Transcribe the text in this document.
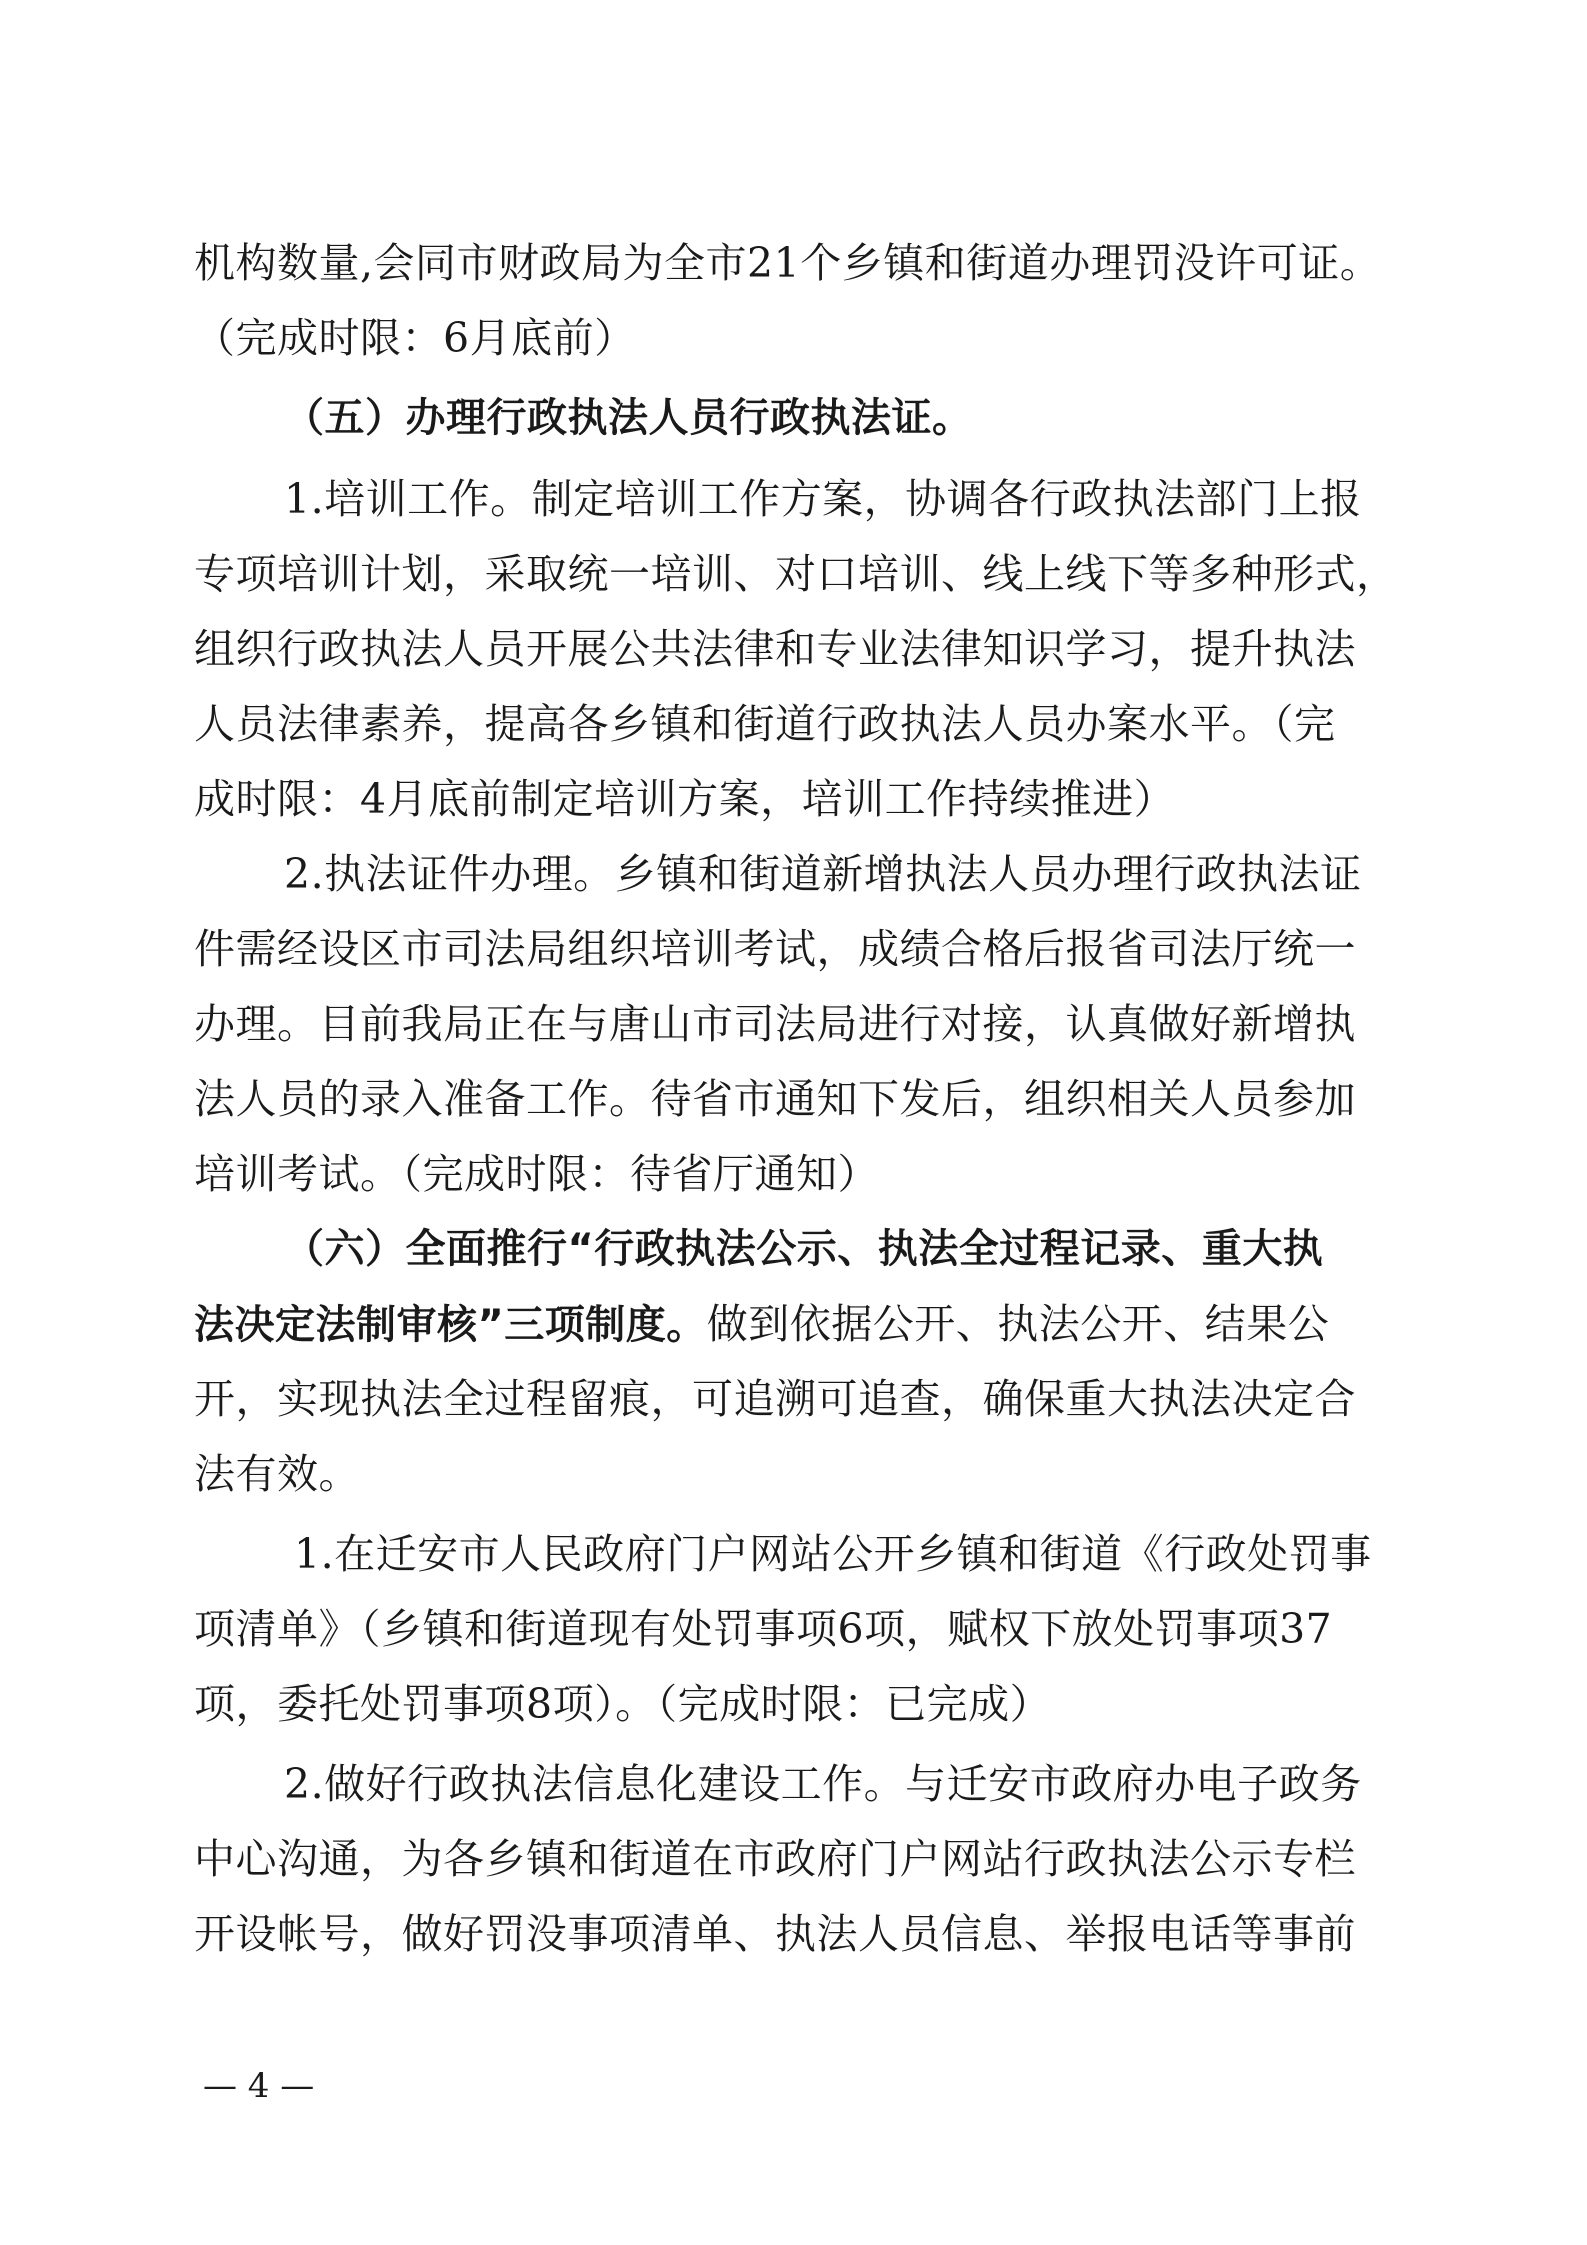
机构数量,会同市财政局为全市21个乡镇和街道办理罚没许可证。
（完成时限：6月底前）
（五）办理行政执法人员行政执法证。
1.培训工作。制定培训工作方案，协调各行政执法部门上报
专项培训计划，采取统一培训、对口培训、线上线下等多种形式，
组织行政执法人员开展公共法律和专业法律知识学习，提升执法
人员法律素养，提高各乡镇和街道行政执法人员办案水平。（完
成时限：4月底前制定培训方案，培训工作持续推进）
2.执法证件办理。乡镇和街道新增执法人员办理行政执法证
件需经设区市司法局组织培训考试，成绩合格后报省司法厅统一
办理。目前我局正在与唐山市司法局进行对接，认真做好新增执
法人员的录入准备工作。待省市通知下发后，组织相关人员参加
培训考试。（完成时限：待省厅通知）
（六）全面推行“行政执法公示、执法全过程记录、重大执
法决定法制审核”三项制度。做到依据公开、执法公开、结果公
开，实现执法全过程留痕，可追溯可追查，确保重大执法决定合
法有效。
1.在迁安市人民政府门户网站公开乡镇和街道《行政处罚事
项清单》（乡镇和街道现有处罚事项6项，赋权下放处罚事项37
项，委托处罚事项8项）。（完成时限：已完成）
2.做好行政执法信息化建设工作。与迁安市政府办电子政务
中心沟通，为各乡镇和街道在市政府门户网站行政执法公示专栏
开设帐号，做好罚没事项清单、执法人员信息、举报电话等事前
— 4 —
